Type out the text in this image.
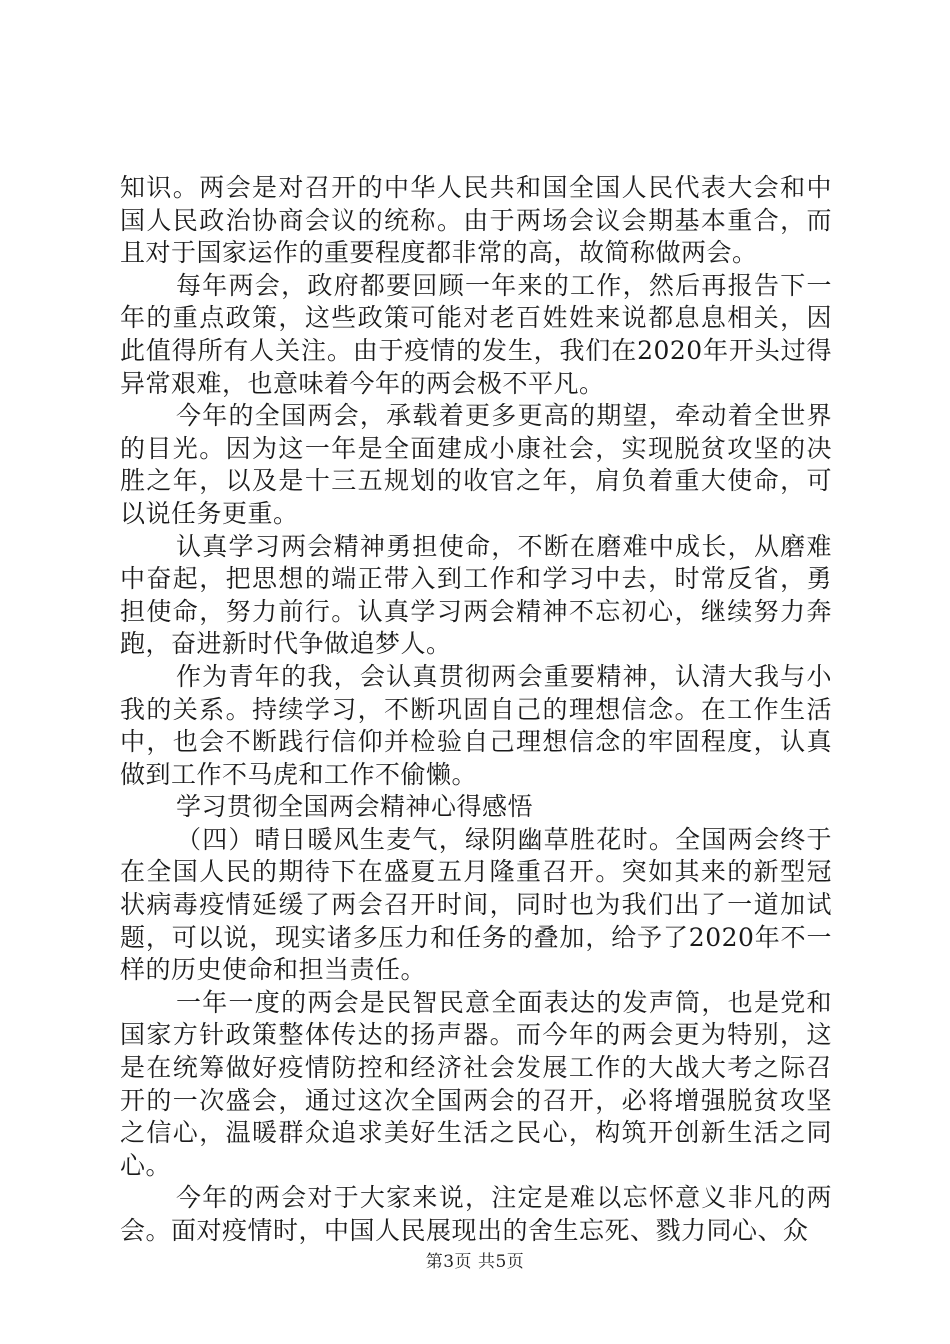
知识。两会是对召开的中华人民共和国全国人民代表大会和中国人民政治协商会议的统称。由于两场会议会期基本重合，而且对于国家运作的重要程度都非常的高，故简称做两会。

每年两会，政府都要回顾一年来的工作，然后再报告下一年的重点政策，这些政策可能对老百姓姓来说都息息相关，因此值得所有人关注。由于疫情的发生，我们在2020年开头过得异常艰难，也意味着今年的两会极不平凡。

今年的全国两会，承载着更多更高的期望，牵动着全世界的目光。因为这一年是全面建成小康社会，实现脱贫攻坚的决胜之年，以及是十三五规划的收官之年，肩负着重大使命，可以说任务更重。

认真学习两会精神勇担使命，不断在磨难中成长，从磨难中奋起，把思想的端正带入到工作和学习中去，时常反省，勇担使命，努力前行。认真学习两会精神不忘初心，继续努力奔跑，奋进新时代争做追梦人。

作为青年的我，会认真贯彻两会重要精神，认清大我与小我的关系。持续学习，不断巩固自己的理想信念。在工作生活中，也会不断践行信仰并检验自己理想信念的牢固程度，认真做到工作不马虎和工作不偷懒。

学习贯彻全国两会精神心得感悟

（四）晴日暖风生麦气，绿阴幽草胜花时。全国两会终于在全国人民的期待下在盛夏五月隆重召开。突如其来的新型冠状病毒疫情延缓了两会召开时间，同时也为我们出了一道加试题，可以说，现实诸多压力和任务的叠加，给予了2020年不一样的历史使命和担当责任。

一年一度的两会是民智民意全面表达的发声筒，也是党和国家方针政策整体传达的扬声器。而今年的两会更为特别，这是在统筹做好疫情防控和经济社会发展工作的大战大考之际召开的一次盛会，通过这次全国两会的召开，必将增强脱贫攻坚之信心，温暖群众追求美好生活之民心，构筑开创新生活之同心。

今年的两会对于大家来说，注定是难以忘怀意义非凡的两会。面对疫情时，中国人民展现出的舍生忘死、戮力同心、众

第3页 共5页
